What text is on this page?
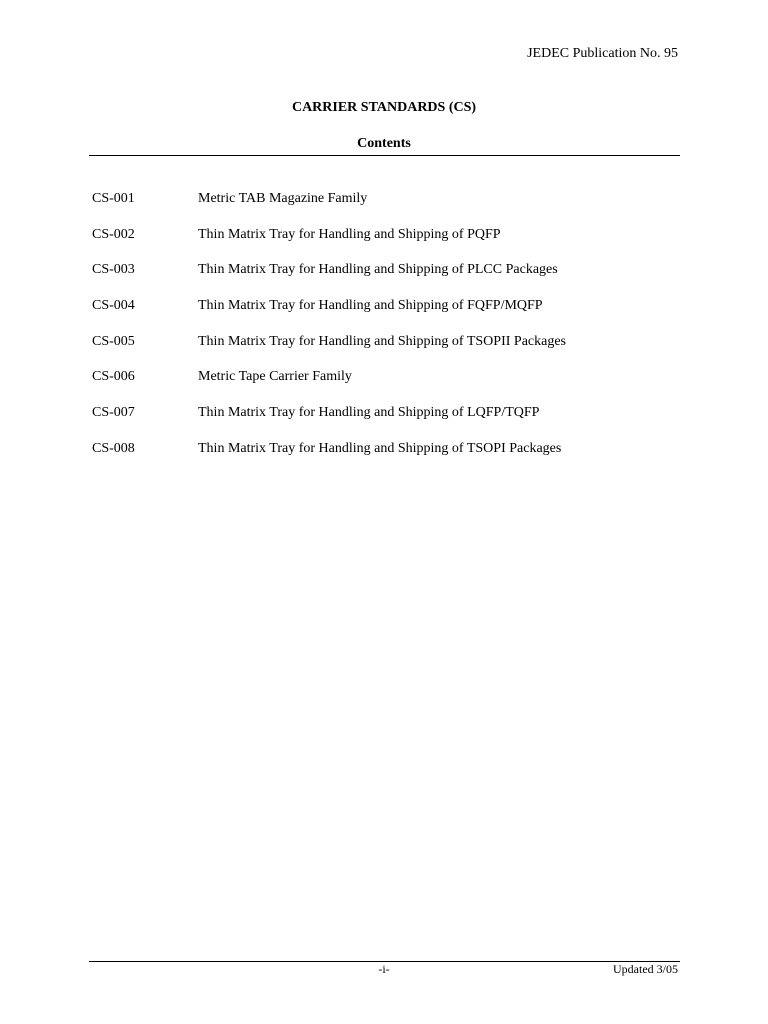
JEDEC Publication No. 95
CARRIER STANDARDS (CS)
Contents
CS-001	Metric TAB Magazine Family
CS-002	Thin Matrix Tray for Handling and Shipping of PQFP
CS-003	Thin Matrix Tray for Handling and Shipping of PLCC Packages
CS-004	Thin Matrix Tray for Handling and Shipping of FQFP/MQFP
CS-005	Thin Matrix Tray for Handling and Shipping of TSOPII Packages
CS-006	Metric Tape Carrier Family
CS-007	Thin Matrix Tray for Handling and Shipping of LQFP/TQFP
CS-008	Thin Matrix Tray for Handling and Shipping of TSOPI Packages
-i-	Updated 3/05
